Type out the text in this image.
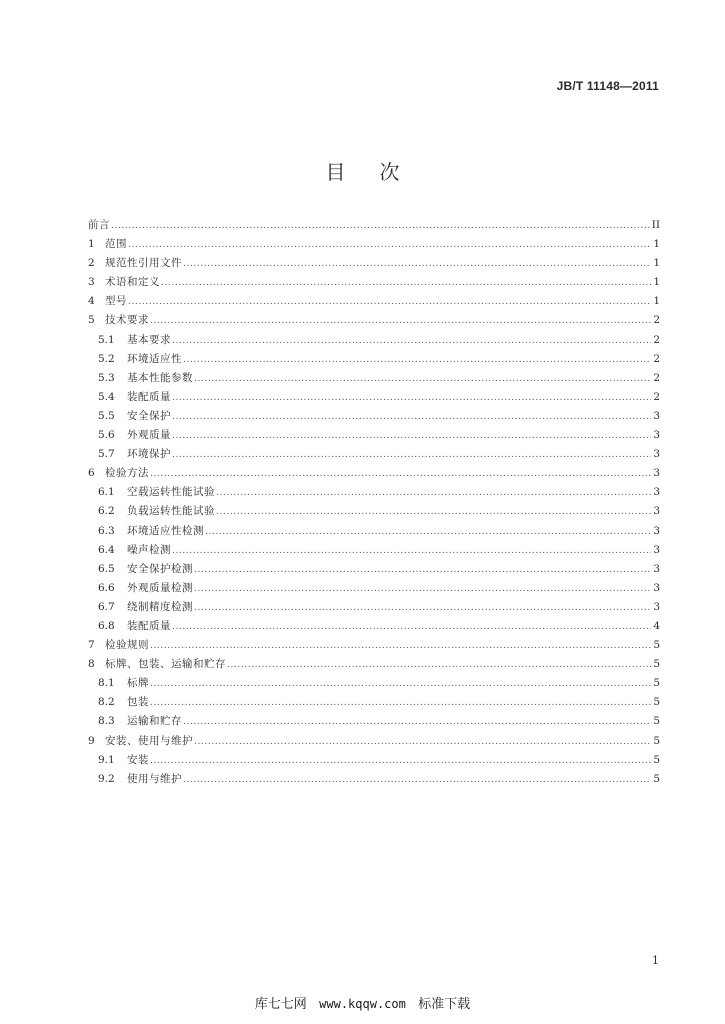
JB/T 11148—2011
目次
前言 .....	II
1 范围 .....	1
2 规范性引用文件 .....	1
3 术语和定义 .....	1
4 型号 .....	1
5 技术要求 .....	2
5.1	基本要求 .....	2
5.2	环境适应性 .....	2
5.3	基本性能参数 .....	2
5.4	装配质量 .....	2
5.5	安全保护 .....	3
5.6	外观质量 .....	3
5.7	环境保护 .....	3
6 检验方法 .....	3
6.1	空载运转性能试验 .....	3
6.2	负载运转性能试验 .....	3
6.3	环境适应性检测 .....	3
6.4	噪声检测 .....	3
6.5	安全保护检测 .....	3
6.6	外观质量检测 .....	3
6.7	绕制精度检测 .....	3
6.8	装配质量 .....	4
7 检验规则 .....	5
8 标牌、包装、运输和贮存 .....	5
8.1	标牌 .....	5
8.2	包装 .....	5
8.3	运输和贮存 .....	5
9 安装、使用与维护 .....	5
9.1	安装 .....	5
9.2	使用与维护 .....	5
1
库七七网 www.kqqw.com 标准下载
